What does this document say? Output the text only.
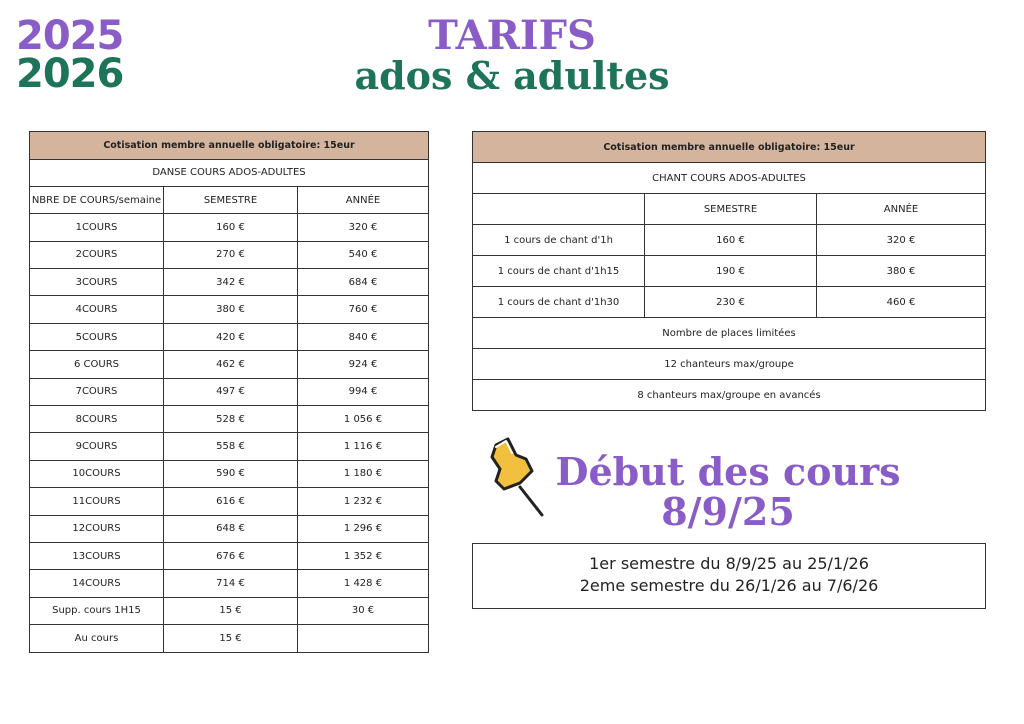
2025
2026
TARIFS
ados & adultes
Cotisation membre annuelle obligatoire: 15eur		
DANSE COURS ADOS-ADULTES		
NBRE DE COURS/semaine	SEMESTRE	ANNÉE
1COURS	160 €	320 €
2COURS	270 €	540 €
3COURS	342 €	684 €
4COURS	380 €	760 €
5COURS	420 €	840 €
6 COURS	462 €	924 €
7COURS	497 €	994 €
8COURS	528 €	1 056 €
9COURS	558 €	1 116 €
10COURS	590 €	1 180 €
11COURS	616 €	1 232 €
12COURS	648 €	1 296 €
13COURS	676 €	1 352 €
14COURS	714 €	1 428 €
Supp. cours 1H15	15 €	30 €
Au cours	15 €	
Cotisation membre annuelle obligatoire: 15eur		
CHANT COURS ADOS-ADULTES		
	SEMESTRE	ANNÉE
1 cours de chant d'1h	160 €	320 €
1 cours de chant d'1h15	190 €	380 €
1 cours de chant d'1h30	230 €	460 €
Nombre de places limitées		
12 chanteurs max/groupe		
8 chanteurs max/groupe en avancés		
Début des cours
8/9/25
1er semestre du 8/9/25 au 25/1/26
2eme semestre du 26/1/26 au 7/6/26
